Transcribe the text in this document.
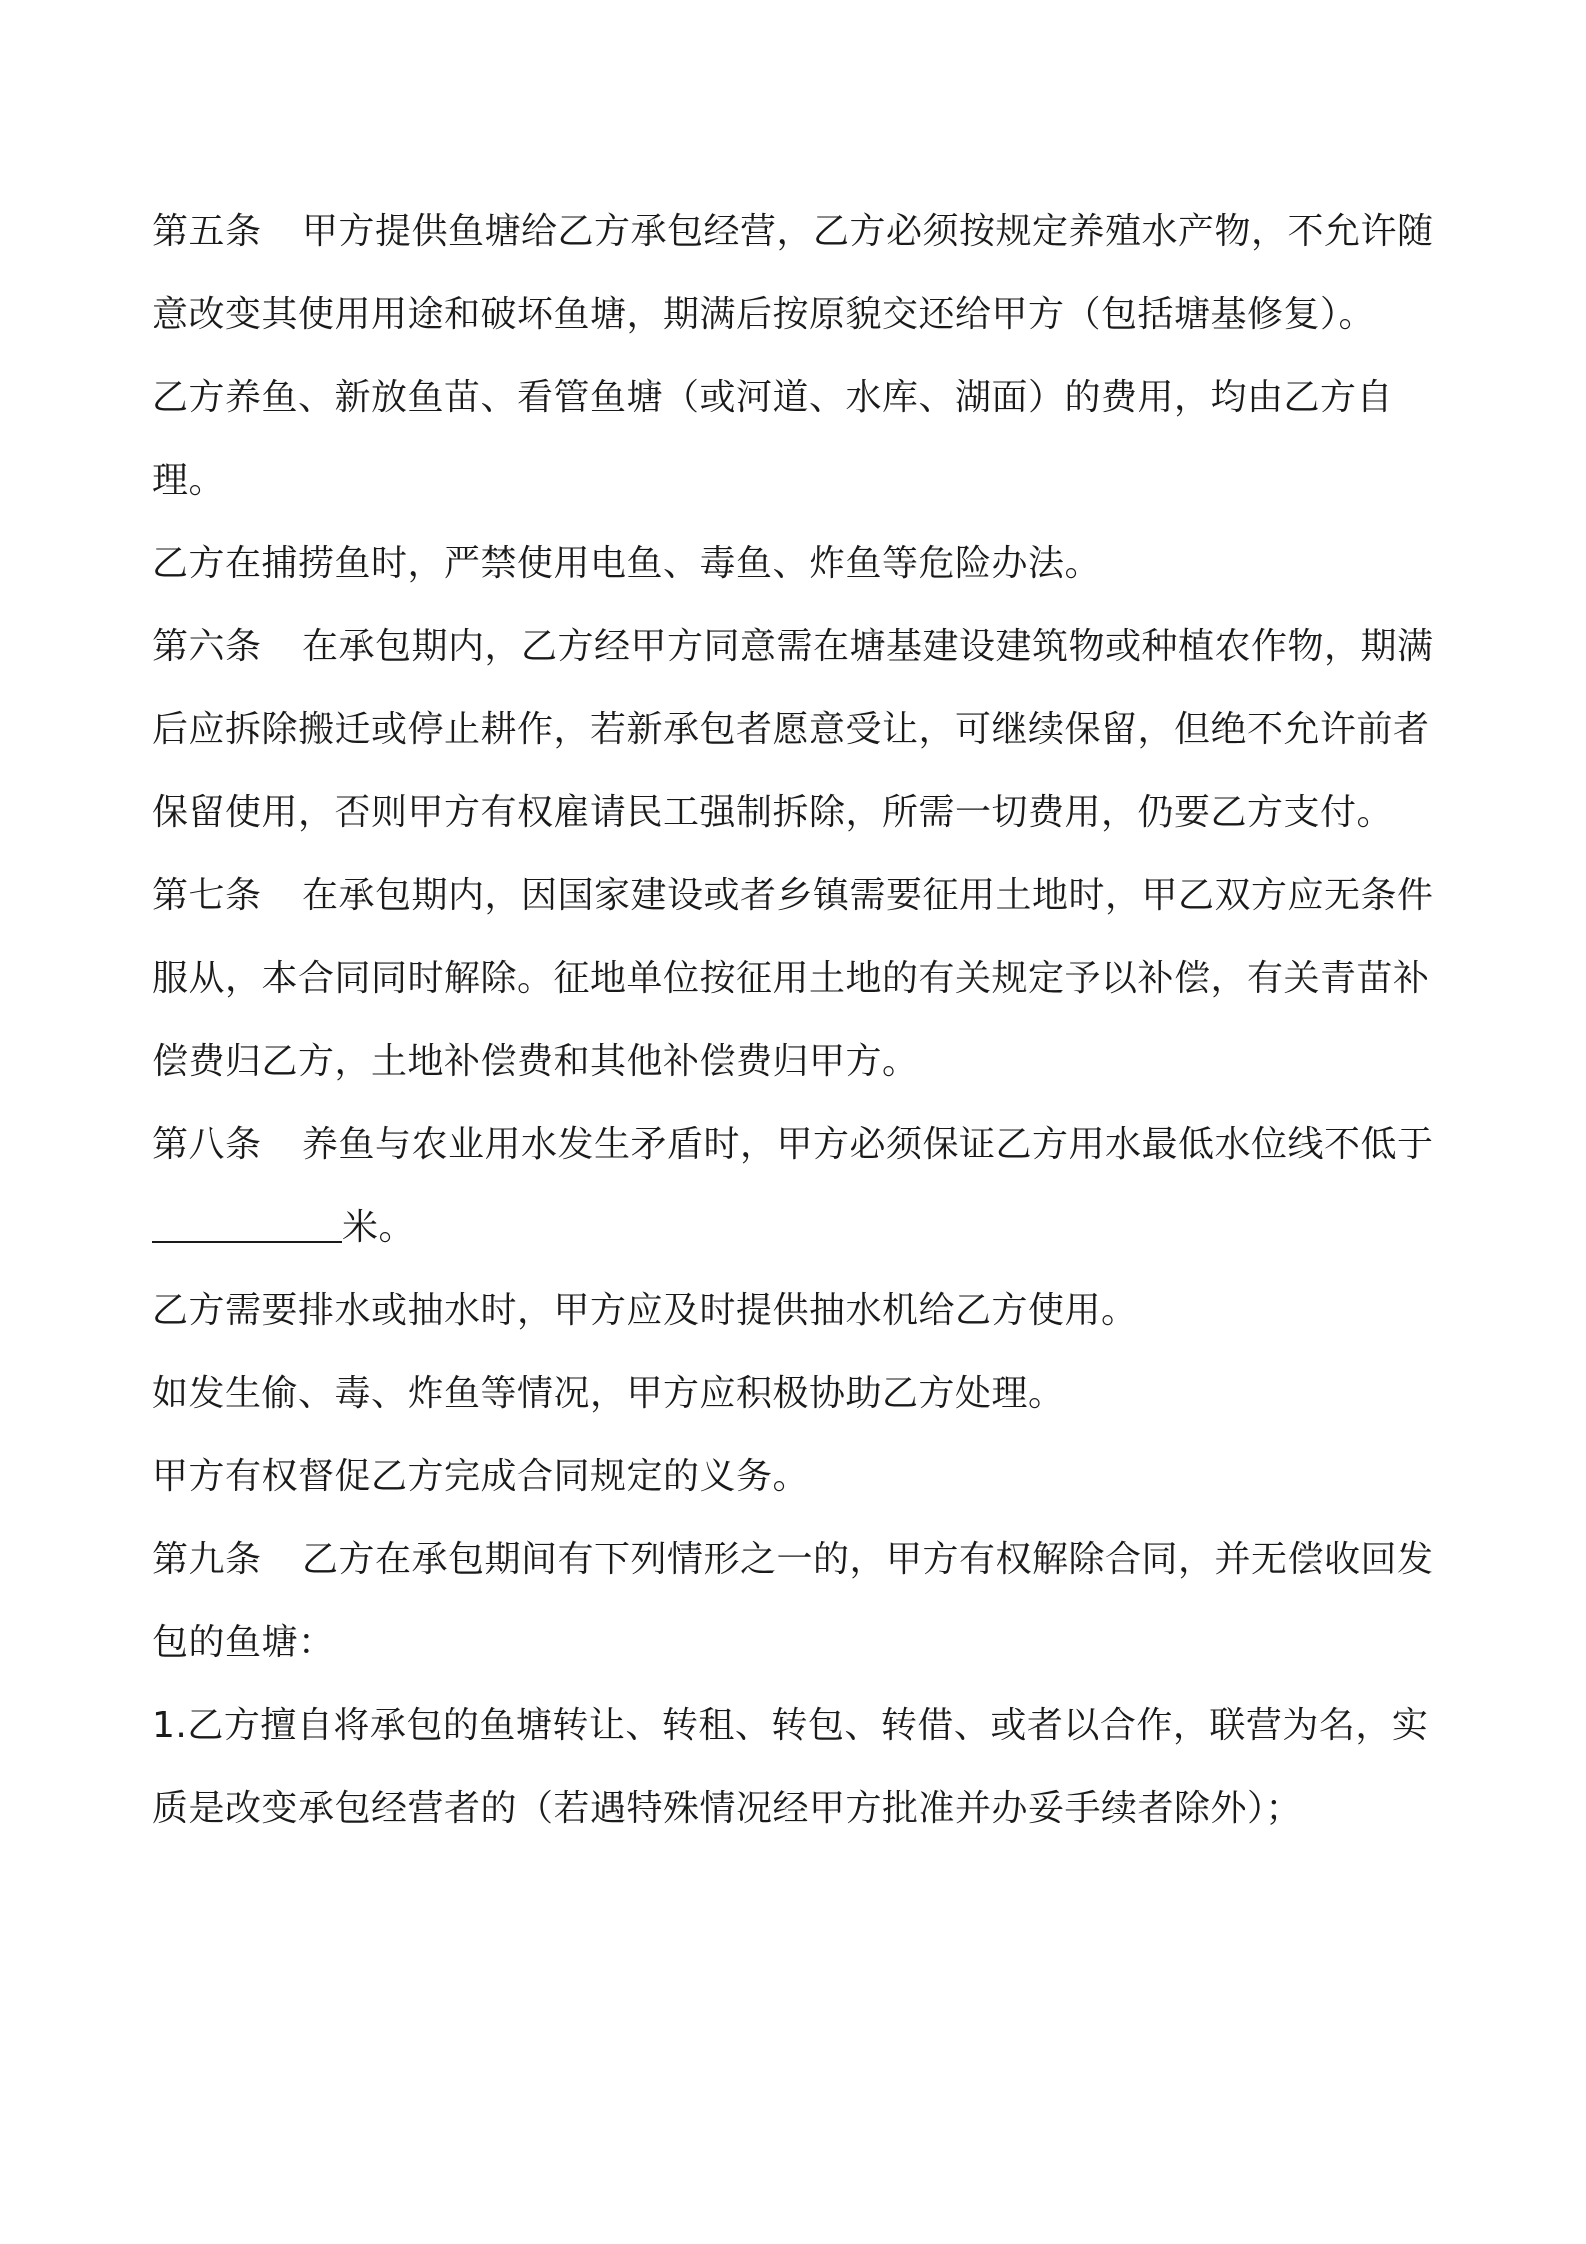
第五条 甲方提供鱼塘给乙方承包经营，乙方必须按规定养殖水产物，不允许随意改变其使用用途和破坏鱼塘，期满后按原貌交还给甲方（包括塘基修复）。

乙方养鱼、新放鱼苗、看管鱼塘（或河道、水库、湖面）的费用，均由乙方自理。

乙方在捕捞鱼时，严禁使用电鱼、毒鱼、炸鱼等危险办法。

第六条 在承包期内，乙方经甲方同意需在塘基建设建筑物或种植农作物，期满后应拆除搬迁或停止耕作，若新承包者愿意受让，可继续保留，但绝不允许前者保留使用，否则甲方有权雇请民工强制拆除，所需一切费用，仍要乙方支付。

第七条 在承包期内，因国家建设或者乡镇需要征用土地时，甲乙双方应无条件服从，本合同同时解除。征地单位按征用土地的有关规定予以补偿，有关青苗补偿费归乙方，土地补偿费和其他补偿费归甲方。

第八条 养鱼与农业用水发生矛盾时，甲方必须保证乙方用水最低水位线不低于米。

乙方需要排水或抽水时，甲方应及时提供抽水机给乙方使用。

如发生偷、毒、炸鱼等情况，甲方应积极协助乙方处理。

甲方有权督促乙方完成合同规定的义务。

第九条 乙方在承包期间有下列情形之一的，甲方有权解除合同，并无偿收回发包的鱼塘：

1.乙方擅自将承包的鱼塘转让、转租、转包、转借、或者以合作，联营为名，实质是改变承包经营者的（若遇特殊情况经甲方批准并办妥手续者除外）；
